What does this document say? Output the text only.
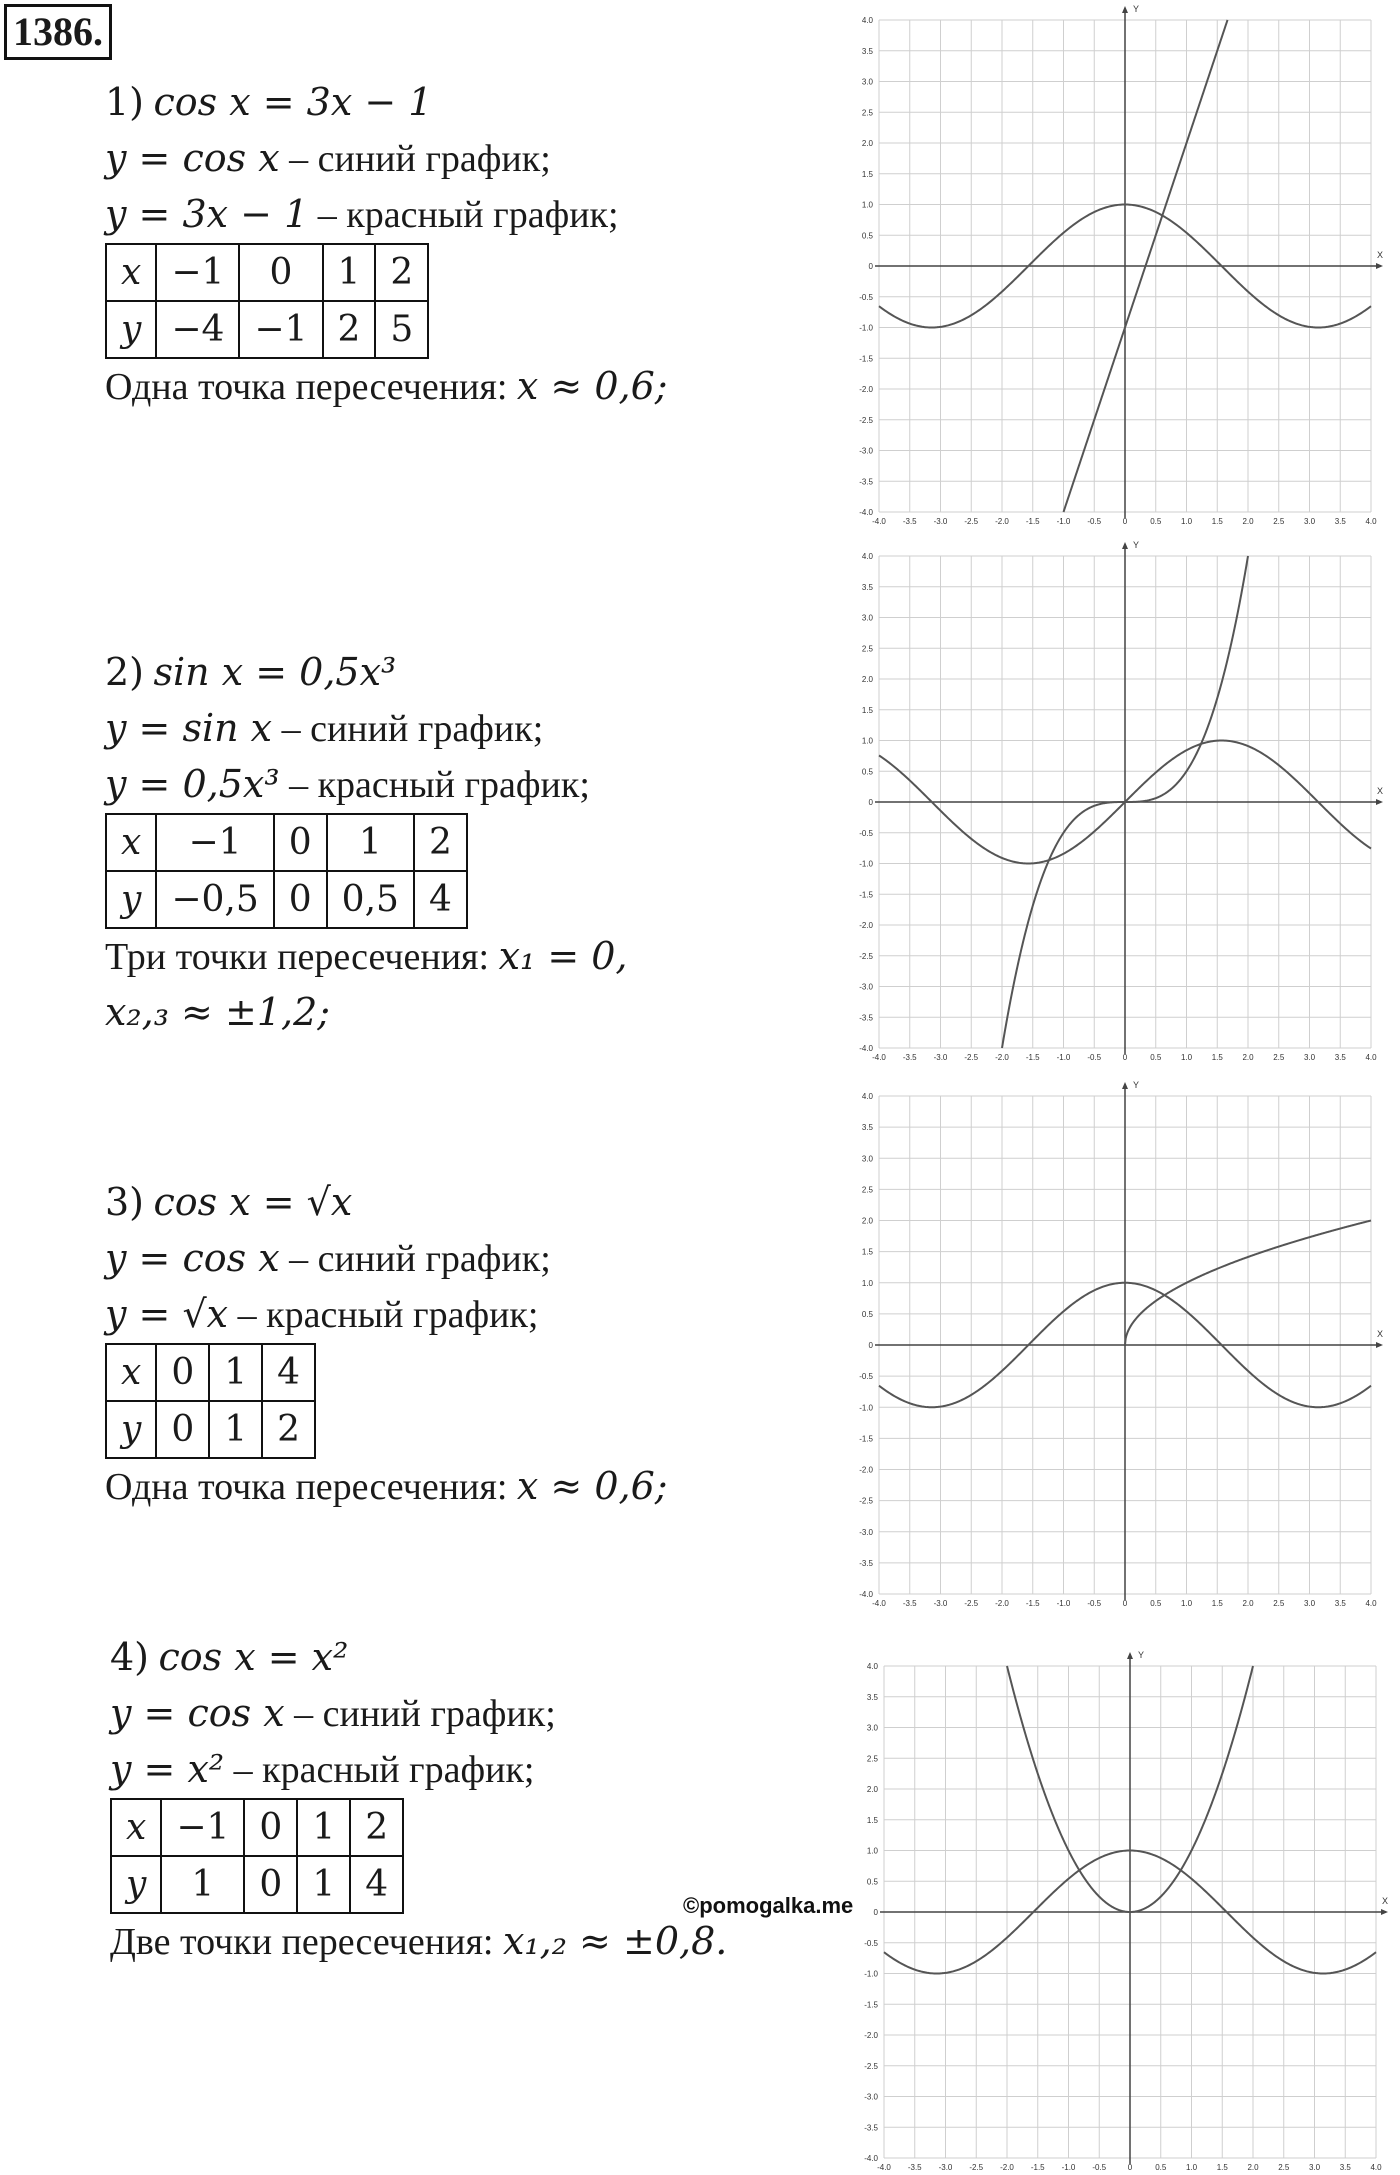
1386.
1) cos x = 3x − 1
y = cos x – синий график;
y = 3x − 1 – красный график;
x	−1	0	1	2
y	−4	−1	2	5
Одна точка пересечения: x ≈ 0,6;
2) sin x = 0,5x³
y = sin x – синий график;
y = 0,5x³ – красный график;
x	−1	0	1	2
y	−0,5	0	0,5	4
Три точки пересечения: x₁ = 0,
x₂,₃ ≈ ±1,2;
3) cos x = √x
y = cos x – синий график;
y = √x – красный график;
x	0	1	4
y	0	1	2
Одна точка пересечения: x ≈ 0,6;
4) cos x = x²
y = cos x – синий график;
y = x² – красный график;
x	−1	0	1	2
y	1	0	1	4
Две точки пересечения: x₁,₂ ≈ ±0,8.
©pomogalka.me
X
Y
-4.0
-4.0
-3.5
-3.5
-3.0
-3.0
-2.5
-2.5
-2.0
-2.0
-1.5
-1.5
-1.0
-1.0
-0.5
-0.5
0
0
0.5
0.5
1.0
1.0
1.5
1.5
2.0
2.0
2.5
2.5
3.0
3.0
3.5
3.5
4.0
4.0
X
Y
-4.0
-4.0
-3.5
-3.5
-3.0
-3.0
-2.5
-2.5
-2.0
-2.0
-1.5
-1.5
-1.0
-1.0
-0.5
-0.5
0
0
0.5
0.5
1.0
1.0
1.5
1.5
2.0
2.0
2.5
2.5
3.0
3.0
3.5
3.5
4.0
4.0
X
Y
-4.0
-4.0
-3.5
-3.5
-3.0
-3.0
-2.5
-2.5
-2.0
-2.0
-1.5
-1.5
-1.0
-1.0
-0.5
-0.5
0
0
0.5
0.5
1.0
1.0
1.5
1.5
2.0
2.0
2.5
2.5
3.0
3.0
3.5
3.5
4.0
4.0
X
Y
-4.0
-4.0
-3.5
-3.5
-3.0
-3.0
-2.5
-2.5
-2.0
-2.0
-1.5
-1.5
-1.0
-1.0
-0.5
-0.5
0
0
0.5
0.5
1.0
1.0
1.5
1.5
2.0
2.0
2.5
2.5
3.0
3.0
3.5
3.5
4.0
4.0
